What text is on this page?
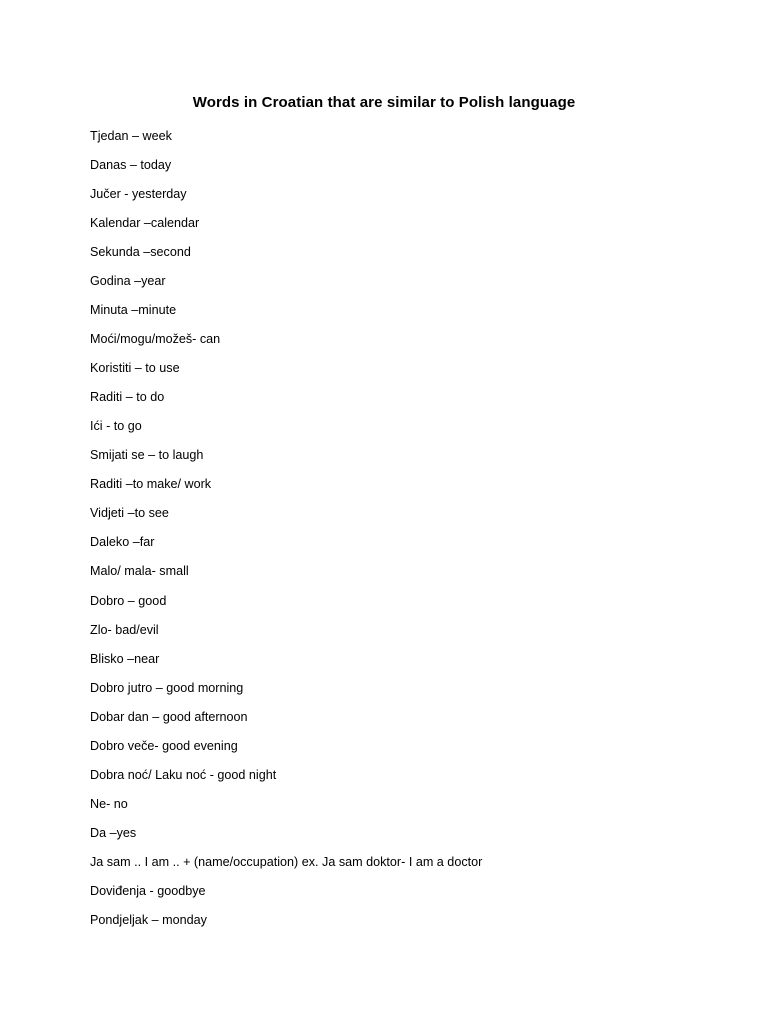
Words in Croatian that are similar to Polish language
Tjedan – week
Danas – today
Jučer - yesterday
Kalendar –calendar
Sekunda –second
Godina –year
Minuta –minute
Moći/mogu/možeš- can
Koristiti – to use
Raditi – to do
Ići - to go
Smijati se – to laugh
Raditi –to make/ work
Vidjeti –to see
Daleko –far
Malo/ mala- small
Dobro – good
Zlo- bad/evil
Blisko –near
Dobro jutro – good morning
Dobar dan – good afternoon
Dobro veče- good evening
Dobra noć/ Laku noć - good night
Ne- no
Da –yes
Ja sam .. I am .. + (name/occupation) ex. Ja sam doktor- I am a doctor
Doviđenja - goodbye
Pondjeljak – monday
